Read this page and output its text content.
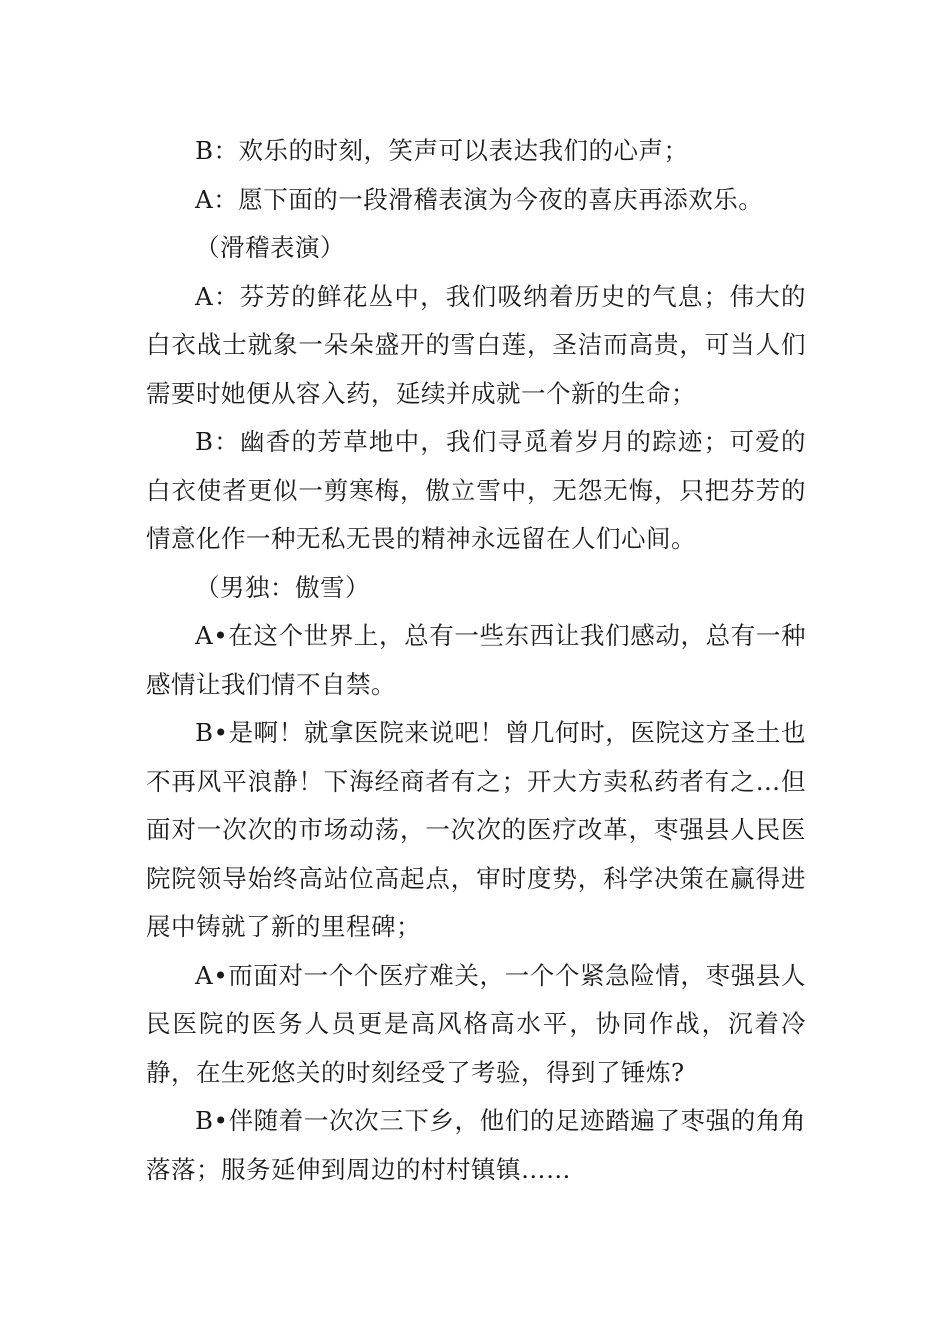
B：欢乐的时刻，笑声可以表达我们的心声；

A：愿下面的一段滑稽表演为今夜的喜庆再添欢乐。

（滑稽表演）

A：芬芳的鲜花丛中，我们吸纳着历史的气息；伟大的白衣战士就象一朵朵盛开的雪白莲，圣洁而高贵，可当人们需要时她便从容入药，延续并成就一个新的生命；

B：幽香的芳草地中，我们寻觅着岁月的踪迹；可爱的白衣使者更似一剪寒梅，傲立雪中，无怨无悔，只把芬芳的情意化作一种无私无畏的精神永远留在人们心间。

（男独：傲雪）

A•在这个世界上，总有一些东西让我们感动，总有一种感情让我们情不自禁。

B•是啊！就拿医院来说吧！曾几何时，医院这方圣土也不再风平浪静！下海经商者有之；开大方卖私药者有之…但面对一次次的市场动荡，一次次的医疗改革，枣强县人民医院院领导始终高站位高起点，审时度势，科学决策在赢得进展中铸就了新的里程碑；

A•而面对一个个医疗难关，一个个紧急险情，枣强县人民医院的医务人员更是高风格高水平，协同作战，沉着冷静，在生死悠关的时刻经受了考验，得到了锤炼?

B•伴随着一次次三下乡，他们的足迹踏遍了枣强的角角落落；服务延伸到周边的村村镇镇……
